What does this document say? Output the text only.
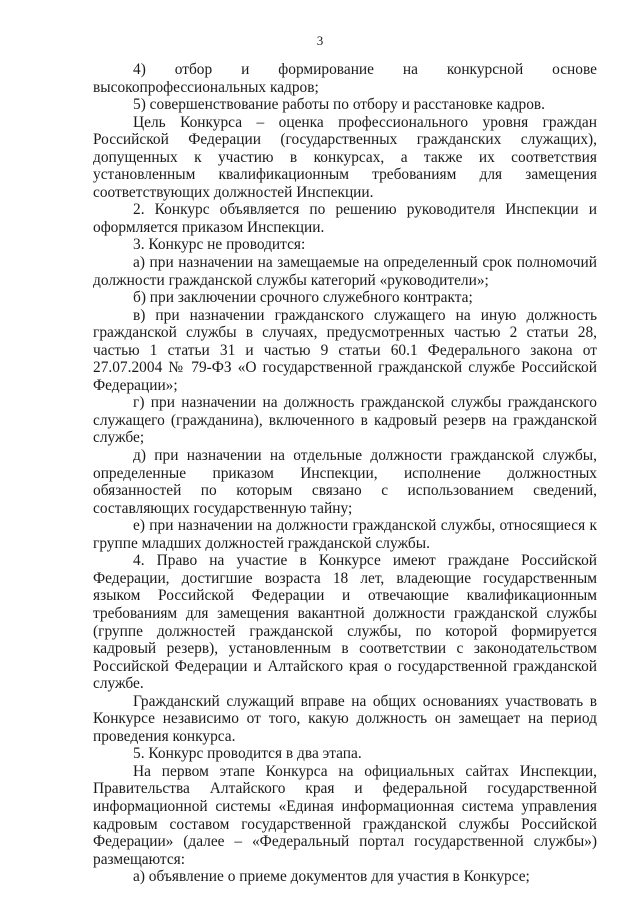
3

4) отбор и формирование на конкурсной основе высокопрофессиональных кадров;

5) совершенствование работы по отбору и расстановке кадров.

Цель Конкурса – оценка профессионального уровня граждан Российской Федерации (государственных гражданских служащих), допущенных к участию в конкурсах, а также их соответствия установленным квалификационным требованиям для замещения соответствующих должностей Инспекции.

2. Конкурс объявляется по решению руководителя Инспекции и оформляется приказом Инспекции.

3. Конкурс не проводится:

а) при назначении на замещаемые на определенный срок полномочий должности гражданской службы категорий «руководители»;

б) при заключении срочного служебного контракта;

в) при назначении гражданского служащего на иную должность гражданской службы в случаях, предусмотренных частью 2 статьи 28, частью 1 статьи 31 и частью 9 статьи 60.1 Федерального закона от 27.07.2004 № 79-ФЗ «О государственной гражданской службе Российской Федерации»;

г) при назначении на должность гражданской службы гражданского служащего (гражданина), включенного в кадровый резерв на гражданской службе;

д) при назначении на отдельные должности гражданской службы, определенные приказом Инспекции, исполнение должностных обязанностей по которым связано с использованием сведений, составляющих государственную тайну;

е) при назначении на должности гражданской службы, относящиеся к группе младших должностей гражданской службы.

4. Право на участие в Конкурсе имеют граждане Российской Федерации, достигшие возраста 18 лет, владеющие государственным языком Российской Федерации и отвечающие квалификационным требованиям для замещения вакантной должности гражданской службы (группе должностей гражданской службы, по которой формируется кадровый резерв), установленным в соответствии с законодательством Российской Федерации и Алтайского края о государственной гражданской службе.

Гражданский служащий вправе на общих основаниях участвовать в Конкурсе независимо от того, какую должность он замещает на период проведения конкурса.

5. Конкурс проводится в два этапа.

На первом этапе Конкурса на официальных сайтах Инспекции, Правительства Алтайского края и федеральной государственной информационной системы «Единая информационная система управления кадровым составом государственной гражданской службы Российской Федерации» (далее – «Федеральный портал государственной службы») размещаются:

а) объявление о приеме документов для участия в Конкурсе;
